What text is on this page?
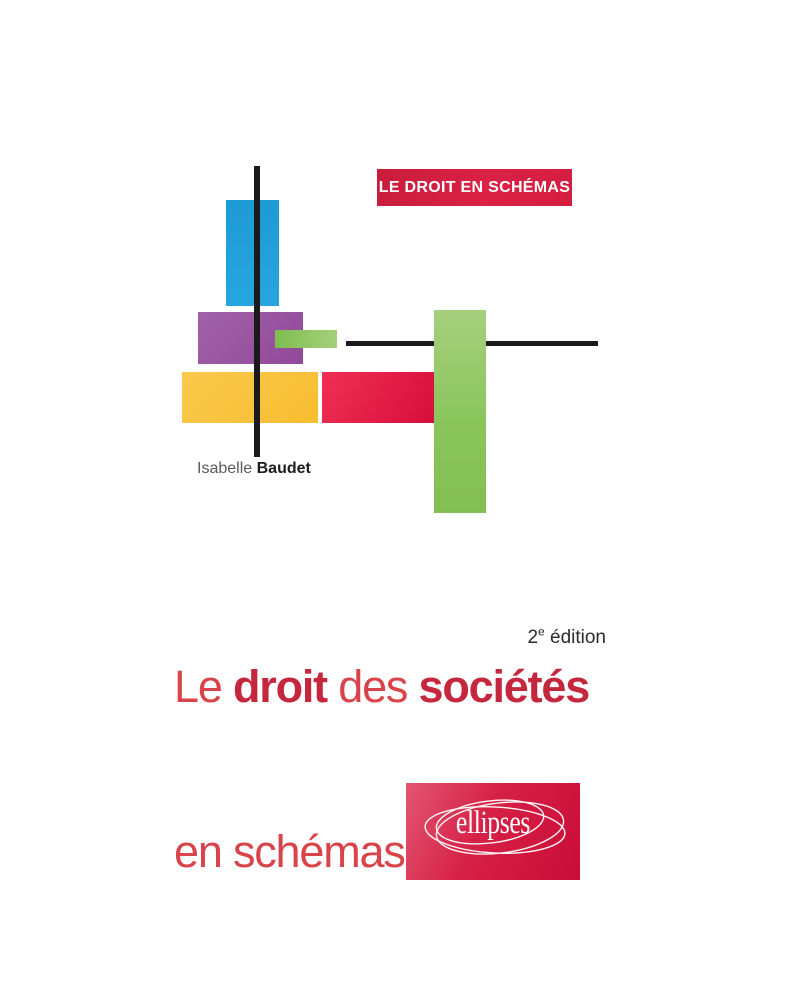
LE DROIT EN SCHÉMAS
Isabelle Baudet

Le droit des sociétés

en schémas

2e édition
ellipses
